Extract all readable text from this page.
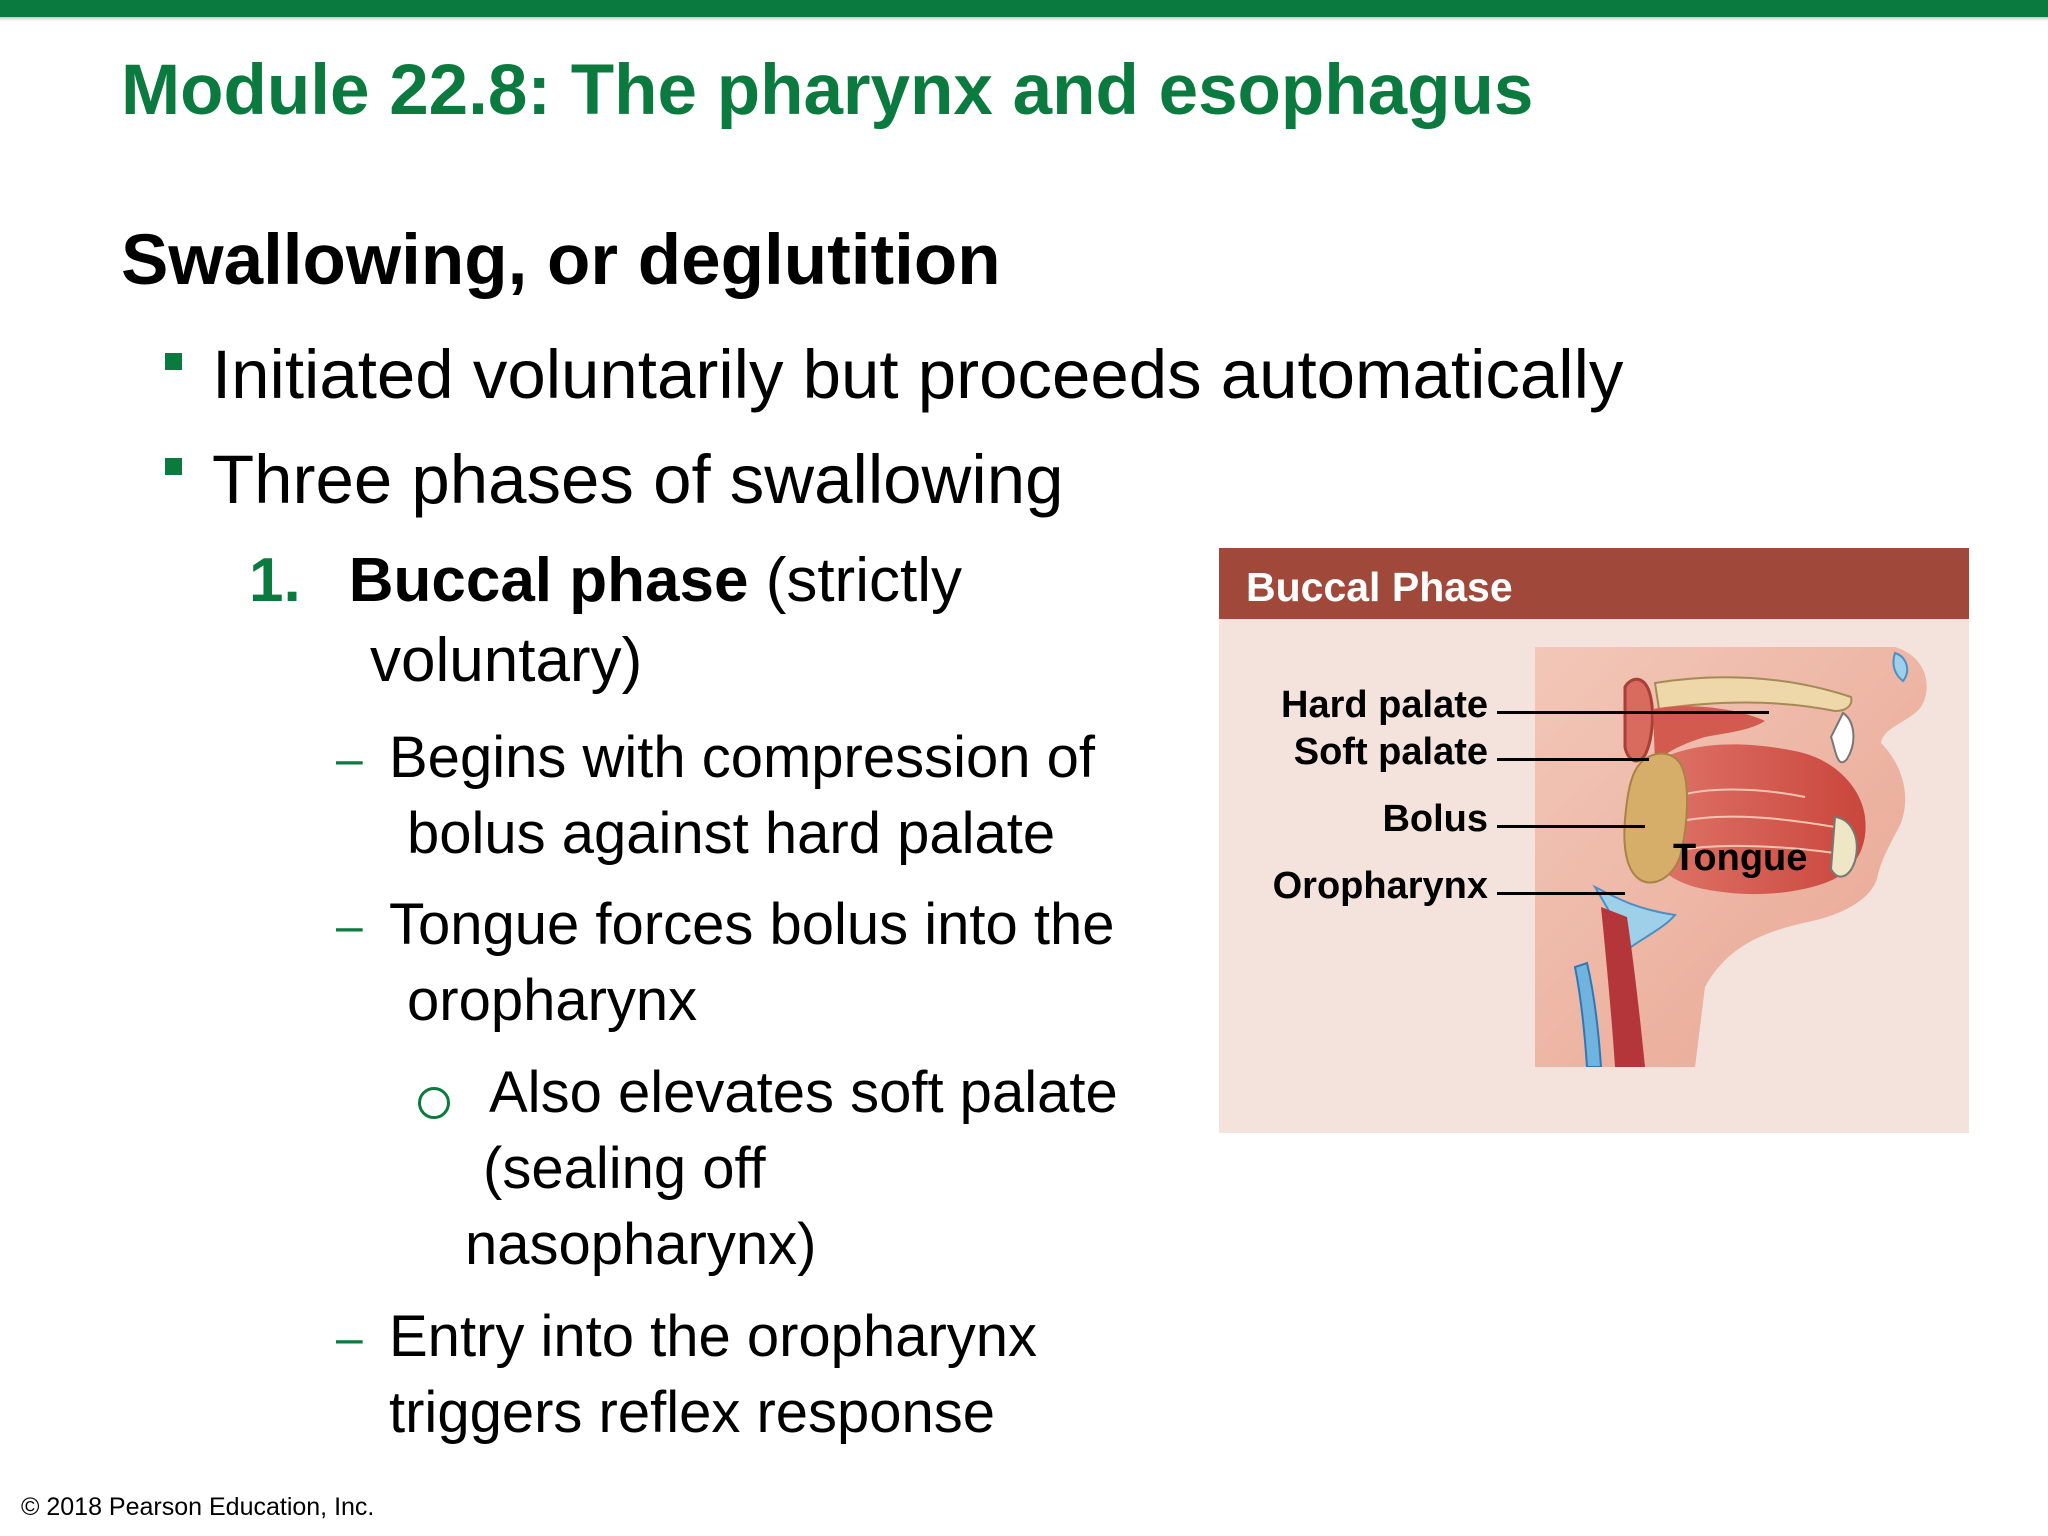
Module 22.8: The pharynx and esophagus
Swallowing, or deglutition
Initiated voluntarily but proceeds automatically
Three phases of swallowing
1. Buccal phase (strictly
voluntary)
– Begins with compression of
bolus against hard palate
– Tongue forces bolus into the
oropharynx
Also elevates soft palate
(sealing off
nasopharynx)
– Entry into the oropharynx
triggers reflex response
© 2018 Pearson Education, Inc.
Buccal Phase
Hard palate
Soft palate
Bolus
Oropharynx
Tongue
